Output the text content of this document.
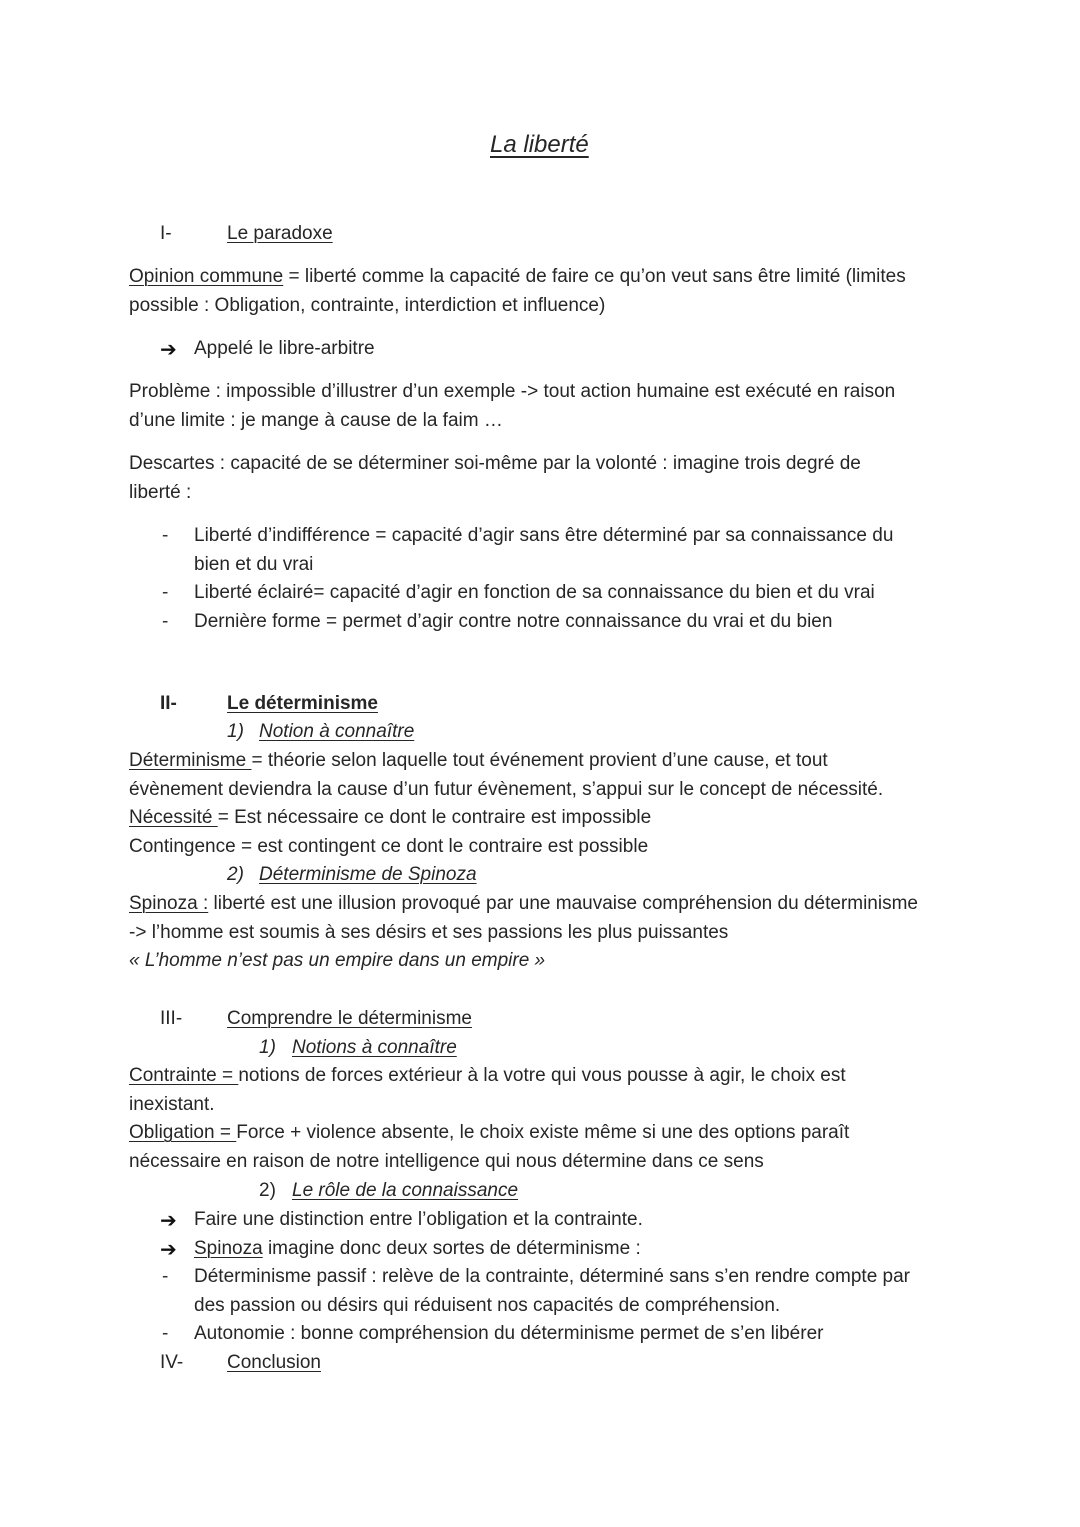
La liberté
I-	Le paradoxe
Opinion commune = liberté comme la capacité de faire ce qu’on veut sans être limité (limites
possible : Obligation, contrainte, interdiction et influence)
➔ Appelé le libre-arbitre
Problème : impossible d’illustrer d’un exemple -> tout action humaine est exécuté en raison
d’une limite : je mange à cause de la faim …
Descartes : capacité de se déterminer soi-même par la volonté : imagine trois degré de
liberté :
- Liberté d’indifférence = capacité d’agir sans être déterminé par sa connaissance du
bien et du vrai
- Liberté éclairé= capacité d’agir en fonction de sa connaissance du bien et du vrai
- Dernière forme = permet d’agir contre notre connaissance du vrai et du bien
II-	Le déterminisme
1) Notion à connaître
Déterminisme = théorie selon laquelle tout événement provient d’une cause, et tout
évènement deviendra la cause d’un futur évènement, s’appui sur le concept de nécessité.
Nécessité = Est nécessaire ce dont le contraire est impossible
Contingence = est contingent ce dont le contraire est possible
2) Déterminisme de Spinoza
Spinoza : liberté est une illusion provoqué par une mauvaise compréhension du déterminisme
-> l’homme est soumis à ses désirs et ses passions les plus puissantes
« L’homme n’est pas un empire dans un empire »
III- Comprendre le déterminisme
1) Notions à connaître
Contrainte = notions de forces extérieur à la votre qui vous pousse à agir, le choix est
inexistant.
Obligation = Force + violence absente, le choix existe même si une des options paraît
nécessaire en raison de notre intelligence qui nous détermine dans ce sens
2) Le rôle de la connaissance
➔ Faire une distinction entre l’obligation et la contrainte.
➔ Spinoza imagine donc deux sortes de déterminisme :
- Déterminisme passif : relève de la contrainte, déterminé sans s’en rendre compte par
des passion ou désirs qui réduisent nos capacités de compréhension.
- Autonomie : bonne compréhension du déterminisme permet de s’en libérer
IV- Conclusion
